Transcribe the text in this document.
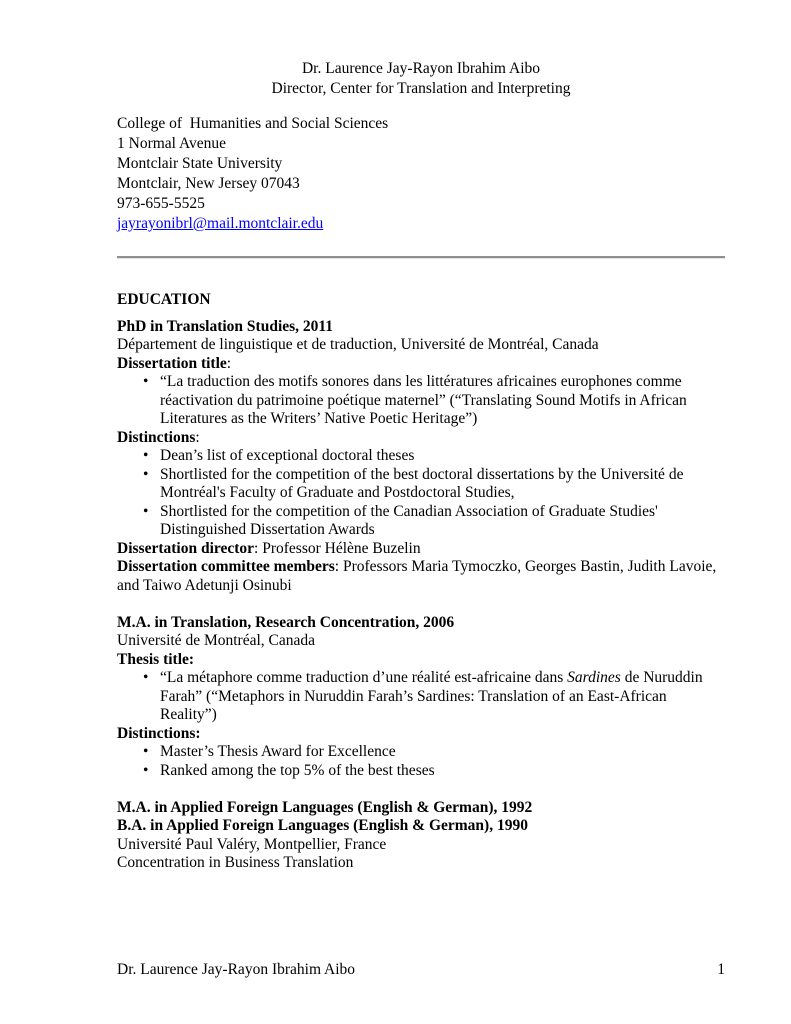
Dr. Laurence Jay-Rayon Ibrahim Aibo
Director, Center for Translation and Interpreting
College of  Humanities and Social Sciences
1 Normal Avenue
Montclair State University
Montclair, New Jersey 07043
973-655-5525
jayrayonibrl@mail.montclair.edu
EDUCATION
PhD in Translation Studies, 2011
Département de linguistique et de traduction, Université de Montréal, Canada
Dissertation title:
• “La traduction des motifs sonores dans les littératures africaines europhones comme réactivation du patrimoine poétique maternel” (“Translating Sound Motifs in African Literatures as the Writers’ Native Poetic Heritage”)
Distinctions:
• Dean’s list of exceptional doctoral theses
• Shortlisted for the competition of the best doctoral dissertations by the Université de Montréal's Faculty of Graduate and Postdoctoral Studies,
• Shortlisted for the competition of the Canadian Association of Graduate Studies' Distinguished Dissertation Awards
Dissertation director: Professor Hélène Buzelin
Dissertation committee members: Professors Maria Tymoczko, Georges Bastin, Judith Lavoie, and Taiwo Adetunji Osinubi
M.A. in Translation, Research Concentration, 2006
Université de Montréal, Canada
Thesis title:
• “La métaphore comme traduction d’une réalité est-africaine dans Sardines de Nuruddin Farah” (“Metaphors in Nuruddin Farah’s Sardines: Translation of an East-African Reality”)
Distinctions:
• Master’s Thesis Award for Excellence
• Ranked among the top 5% of the best theses
M.A. in Applied Foreign Languages (English & German), 1992
B.A. in Applied Foreign Languages (English & German), 1990
Université Paul Valéry, Montpellier, France
Concentration in Business Translation
Dr. Laurence Jay-Rayon Ibrahim Aibo	1
